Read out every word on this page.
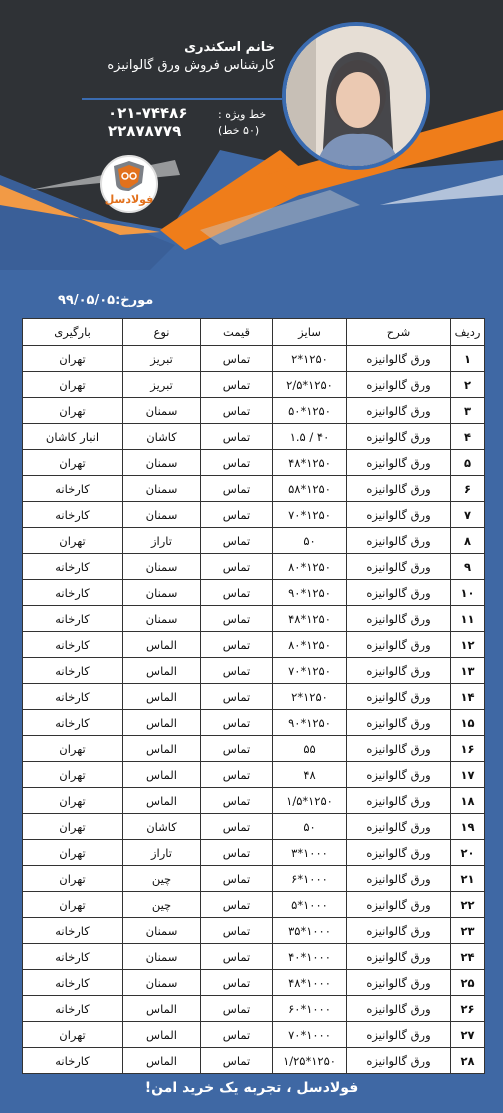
خانم اسکندری
کارشناس فروش ورق گالوانیزه
خط ویژه :
۰۲۱-۷۴۴۸۶
(۵۰ خط)
۲۲۸۷۸۷۷۹
فولادسل
مورخ:۹۹/۰۵/۰۵
ردیف	شرح	سایز	قیمت	نوع	بارگیری
۱	ورق گالوانیزه	۱۲۵۰*۲	تماس	تبریز	تهران
۲	ورق گالوانیزه	۱۲۵۰*۲/۵	تماس	تبریز	تهران
۳	ورق گالوانیزه	۱۲۵۰*۵۰	تماس	سمنان	تهران
۴	ورق گالوانیزه	۴۰ / ۱.۵	تماس	کاشان	انبار کاشان
۵	ورق گالوانیزه	۱۲۵۰*۴۸	تماس	سمنان	تهران
۶	ورق گالوانیزه	۱۲۵۰*۵۸	تماس	سمنان	کارخانه
۷	ورق گالوانیزه	۱۲۵۰*۷۰	تماس	سمنان	کارخانه
۸	ورق گالوانیزه	۵۰	تماس	تاراز	تهران
۹	ورق گالوانیزه	۱۲۵۰*۸۰	تماس	سمنان	کارخانه
۱۰	ورق گالوانیزه	۱۲۵۰*۹۰	تماس	سمنان	کارخانه
۱۱	ورق گالوانیزه	۱۲۵۰*۴۸	تماس	سمنان	کارخانه
۱۲	ورق گالوانیزه	۱۲۵۰*۸۰	تماس	الماس	کارخانه
۱۳	ورق گالوانیزه	۱۲۵۰*۷۰	تماس	الماس	کارخانه
۱۴	ورق گالوانیزه	۱۲۵۰*۲	تماس	الماس	کارخانه
۱۵	ورق گالوانیزه	۱۲۵۰*۹۰	تماس	الماس	کارخانه
۱۶	ورق گالوانیزه	۵۵	تماس	الماس	تهران
۱۷	ورق گالوانیزه	۴۸	تماس	الماس	تهران
۱۸	ورق گالوانیزه	۱۲۵۰*۱/۵	تماس	الماس	تهران
۱۹	ورق گالوانیزه	۵۰	تماس	کاشان	تهران
۲۰	ورق گالوانیزه	۱۰۰۰*۳	تماس	تاراز	تهران
۲۱	ورق گالوانیزه	۱۰۰۰*۶	تماس	چین	تهران
۲۲	ورق گالوانیزه	۱۰۰۰*۵	تماس	چین	تهران
۲۳	ورق گالوانیزه	۱۰۰۰*۳۵	تماس	سمنان	کارخانه
۲۴	ورق گالوانیزه	۱۰۰۰*۴۰	تماس	سمنان	کارخانه
۲۵	ورق گالوانیزه	۱۰۰۰*۴۸	تماس	سمنان	کارخانه
۲۶	ورق گالوانیزه	۱۰۰۰*۶۰	تماس	الماس	کارخانه
۲۷	ورق گالوانیزه	۱۰۰۰*۷۰	تماس	الماس	تهران
۲۸	ورق گالوانیزه	۱۲۵۰*۱/۲۵	تماس	الماس	کارخانه
فولادسل ، تجربه یک خرید امن!
